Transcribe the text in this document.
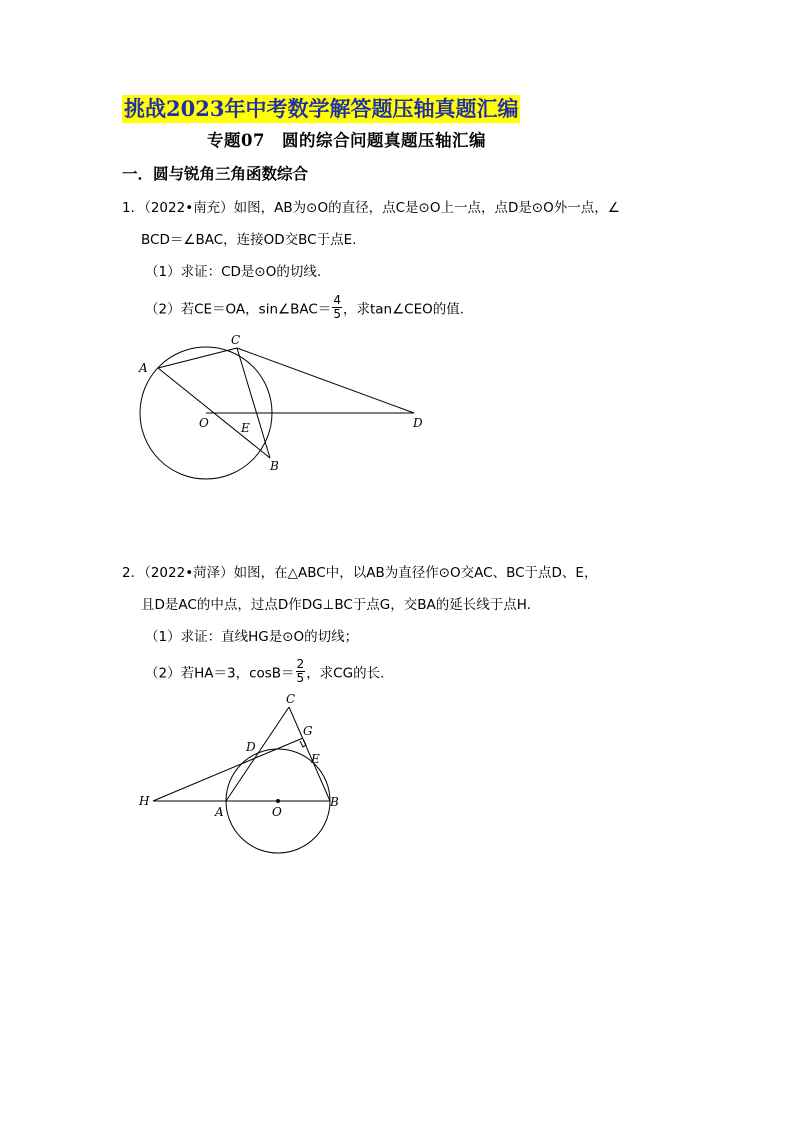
挑战2023年中考数学解答题压轴真题汇编
专题07　圆的综合问题真题压轴汇编
一．圆与锐角三角函数综合
1．（2022•南充）如图，AB为⊙O的直径，点C是⊙O上一点，点D是⊙O外一点，∠
BCD＝∠BAC，连接OD交BC于点E.
（1）求证：CD是⊙O的切线.
（2）若CE＝OA，sin∠BAC＝ $\frac{4}{5}$ ，求tan∠CEO的值.
A
C
O	E
B
D
C
G
D
E
H
A	O
B
2．（2022•菏泽）如图，在△ABC中，以AB为直径作⊙O交AC、BC于点D、E，
且D是AC的中点，过点D作DG⊥BC于点G，交BA的延长线于点H.
（1）求证：直线HG是⊙O的切线；
（2）若HA＝3，$\cos B= \frac{2}{5}$ ，求CG的长.
